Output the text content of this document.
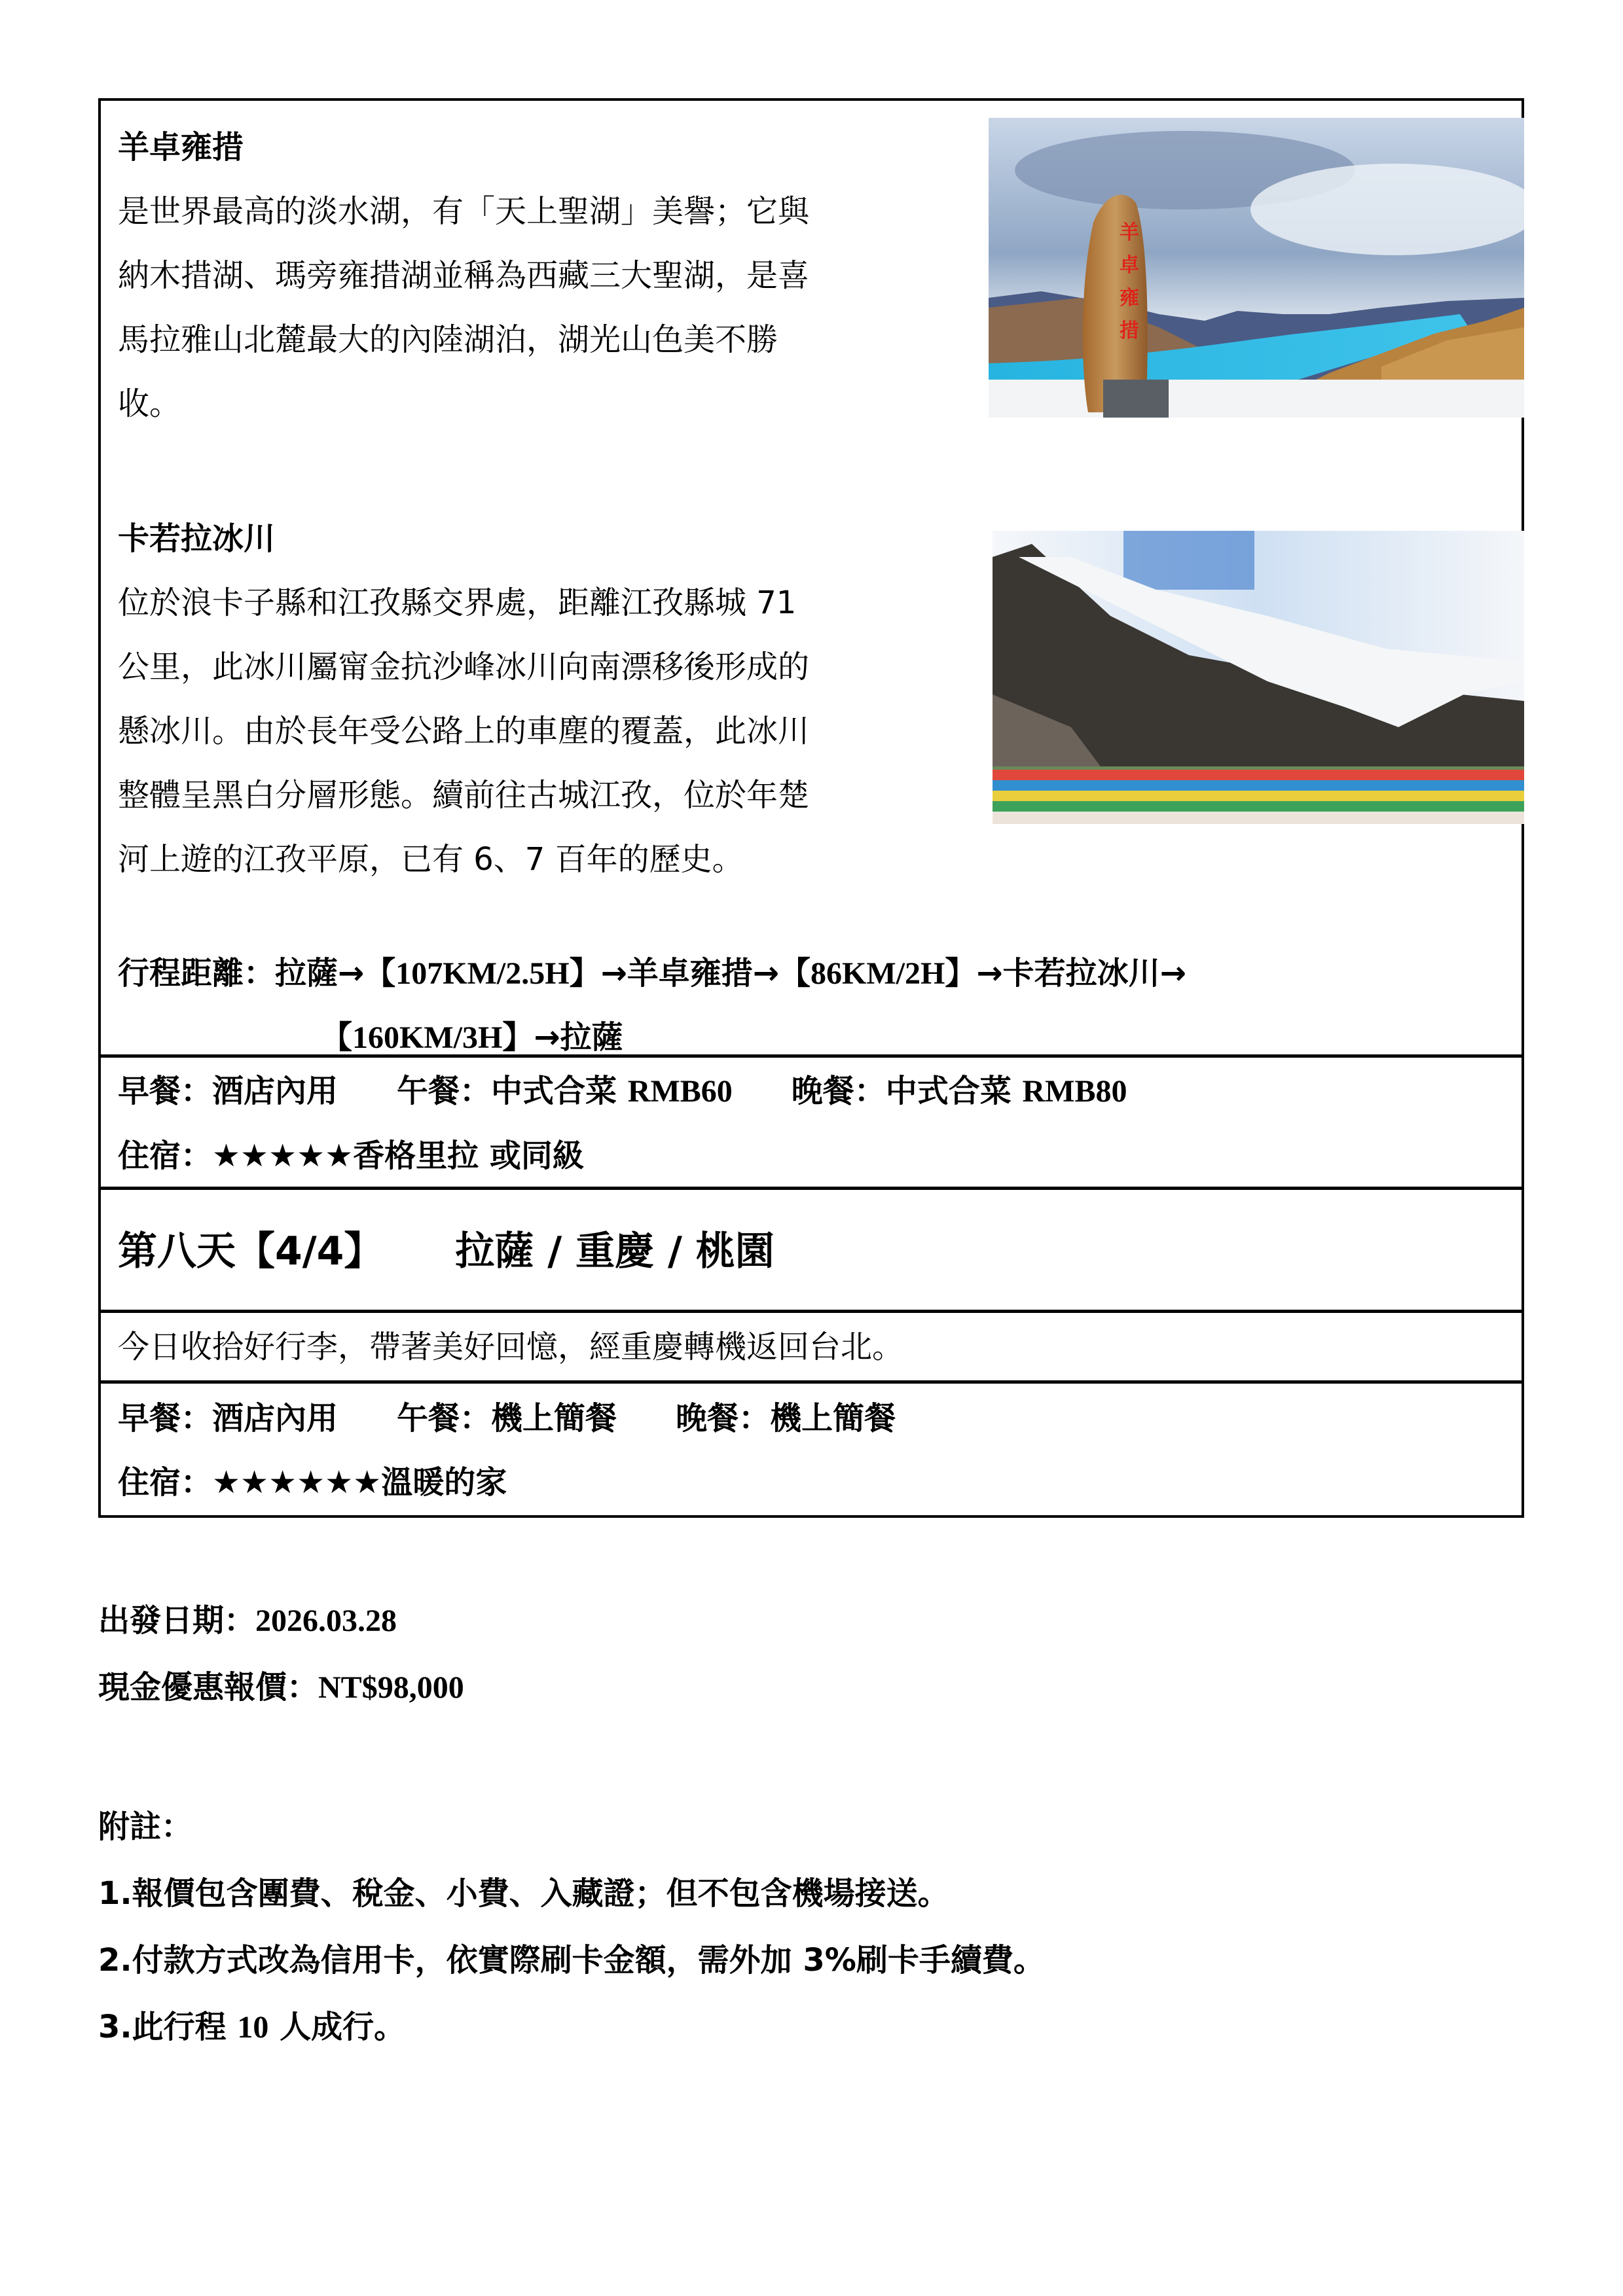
羊卓雍措
是世界最高的淡水湖，有「天上聖湖」美譽；它與
納木措湖、瑪旁雍措湖並稱為西藏三大聖湖，是喜
馬拉雅山北麓最大的內陸湖泊，湖光山色美不勝
收。
羊
卓
雍
措
卡若拉冰川
位於浪卡子縣和江孜縣交界處，距離江孜縣城 71
公里，此冰川屬甯金抗沙峰冰川向南漂移後形成的
懸冰川。由於長年受公路上的車塵的覆蓋，此冰川
整體呈黑白分層形態。續前往古城江孜，位於年楚
河上遊的江孜平原，已有 6、7 百年的歷史。
行程距離：拉薩→【107KM/2.5H】→羊卓雍措→【86KM/2H】→卡若拉冰川→
【160KM/3H】→拉薩
早餐：酒店內用 午餐：中式合菜 RMB60 晚餐：中式合菜 RMB80
住宿：★★★★★香格里拉 或同級
第八天【4/4】 拉薩 / 重慶 / 桃園
今日收拾好行李，帶著美好回憶，經重慶轉機返回台北。
早餐：酒店內用 午餐：機上簡餐 晚餐：機上簡餐
住宿：★★★★★★溫暖的家
出發日期：2026.03.28
現金優惠報價：NT$98,000
附註：
1.報價包含團費、稅金、小費、入藏證；但不包含機場接送。
2.付款方式改為信用卡，依實際刷卡金額，需外加 3%刷卡手續費。
3.此行程 10 人成行。
